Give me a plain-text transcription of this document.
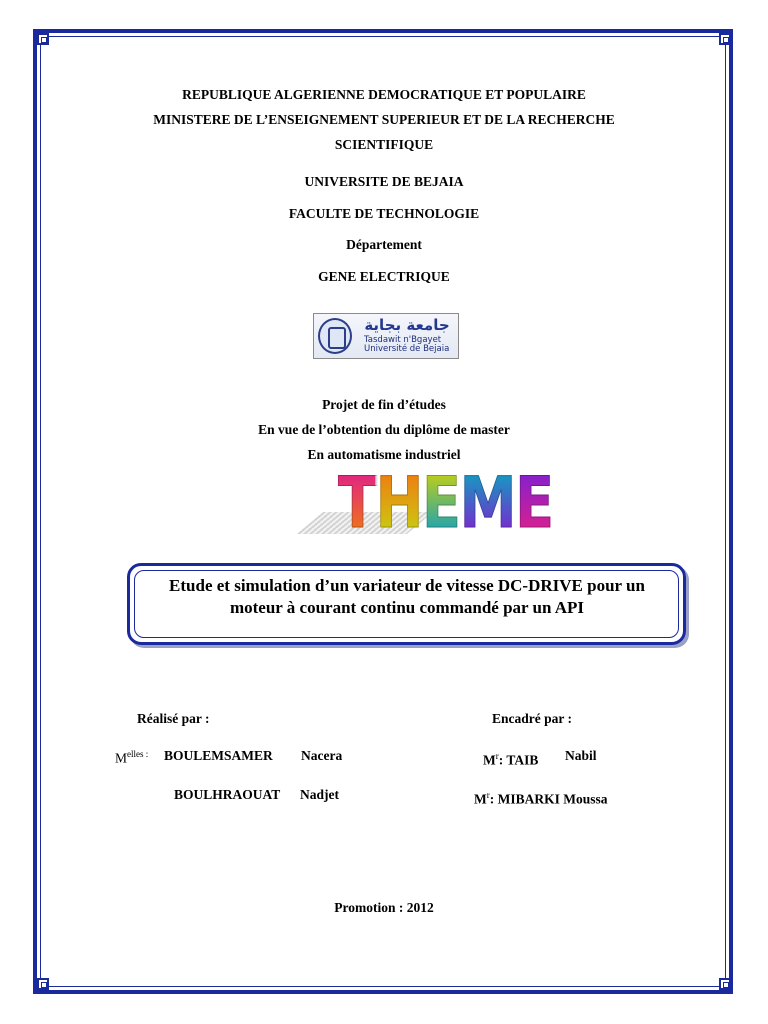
REPUBLIQUE ALGERIENNE DEMOCRATIQUE ET POPULAIRE
MINISTERE DE L’ENSEIGNEMENT SUPERIEUR ET DE LA RECHERCHE
SCIENTIFIQUE
UNIVERSITE DE BEJAIA
FACULTE DE TECHNOLOGIE
Département
GENE ELECTRIQUE
جامعة بجاية
Tasdawit n'Bgayet
Université de Bejaia
Projet de fin d’études
En vue de l’obtention du diplôme de master
En automatisme industriel
THEME
Etude et simulation d’un variateur de vitesse DC-DRIVE pour un
moteur à courant continu commandé par un API
Réalisé par :
$M^{elles :}$ BOULEMSAMER Nacera
BOULHRAOUAT Nadjet
Encadré par :
$M^r$: TAIB Nabil
$M^r$: MIBARKI Moussa
Promotion : 2012
